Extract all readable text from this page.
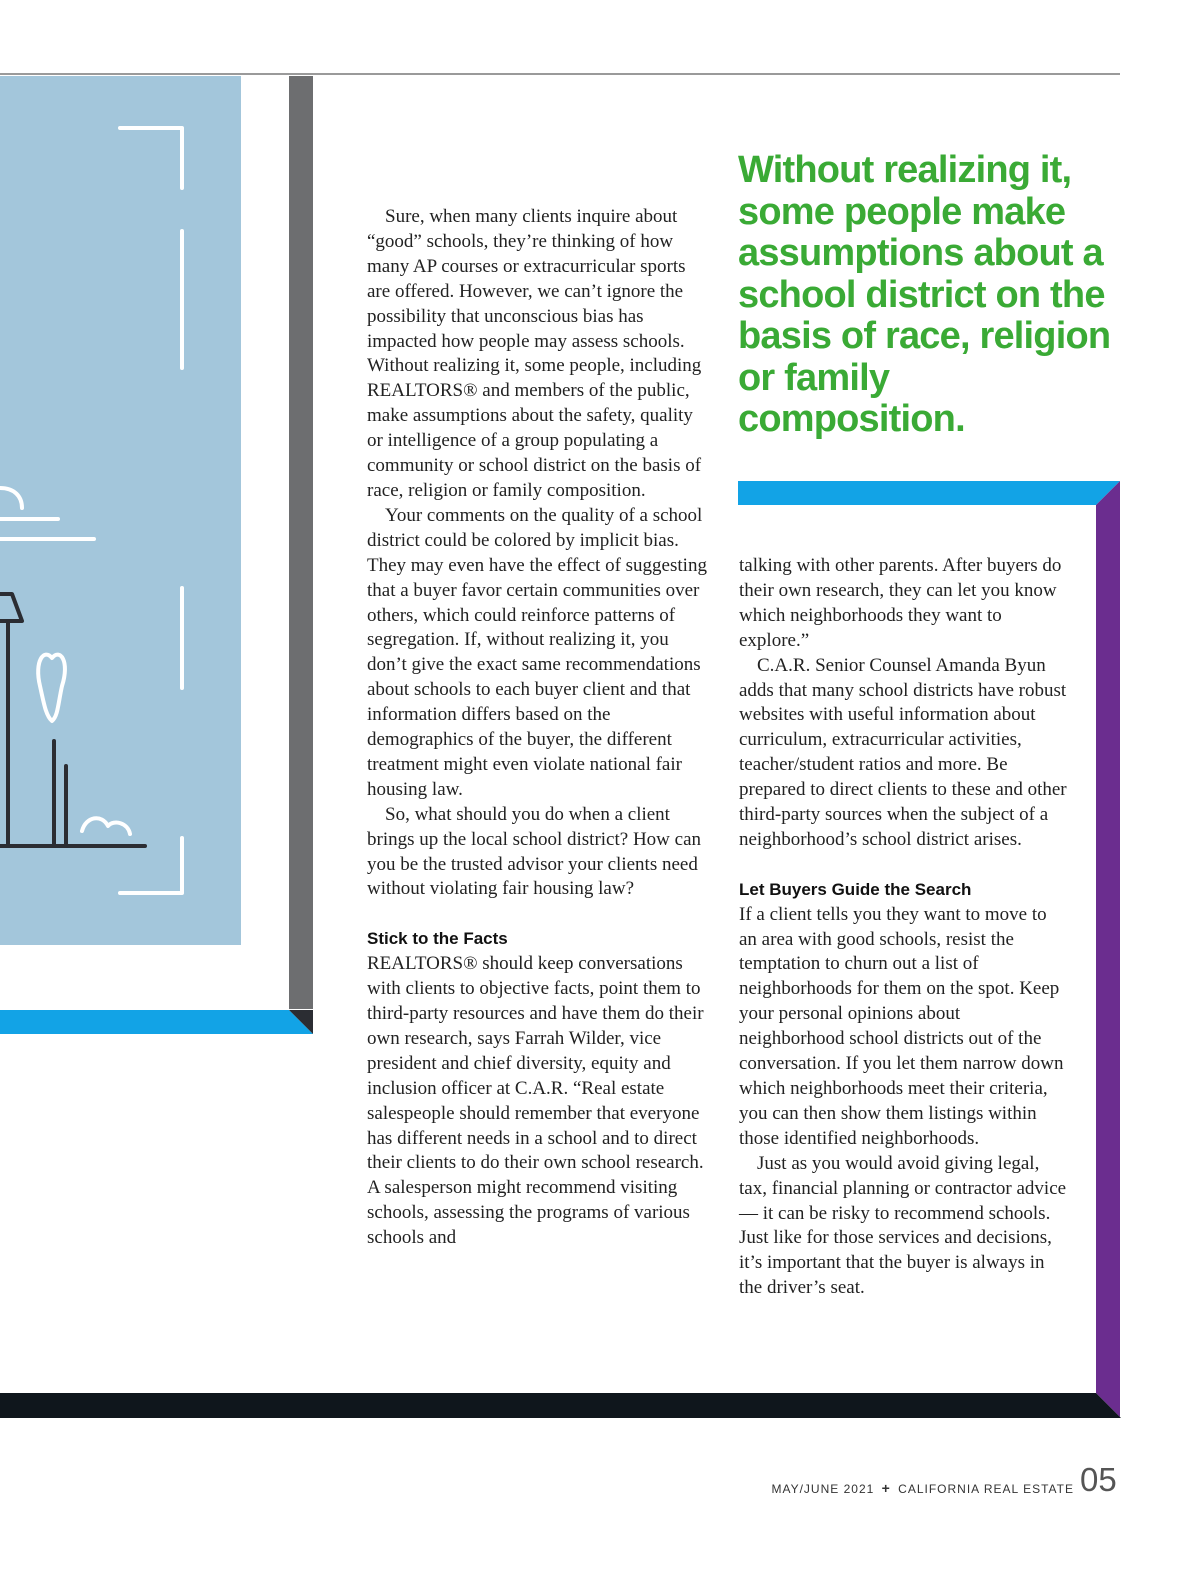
Sure, when many clients inquire about “good” schools, they’re thinking of how many AP courses or extracurricular sports are offered. However, we can’t ignore the possibility that unconscious bias has impacted how people may assess schools. Without realizing it, some people, including REALTORS® and members of the public, make assumptions about the safety, quality or intelligence of a group populating a community or school district on the basis of race, religion or family composition.

Your comments on the quality of a school district could be colored by implicit bias. They may even have the effect of suggesting that a buyer favor certain communities over others, which could reinforce patterns of segregation. If, without realizing it, you don’t give the exact same recommendations about schools to each buyer client and that information differs based on the demographics of the buyer, the different treatment might even violate national fair housing law.

So, what should you do when a client brings up the local school district? How can you be the trusted advisor your clients need without violating fair housing law?

Stick to the Facts

REALTORS® should keep conversations with clients to objective facts, point them to third-party resources and have them do their own research, says Farrah Wilder, vice president and chief diversity, equity and inclusion officer at C.A.R. “Real estate salespeople should remember that everyone has different needs in a school and to direct their clients to do their own school research. A salesperson might recommend visiting schools, assessing the programs of various schools and

Without realizing it, some people make assumptions about a school district on the basis of race, religion or family composition.

talking with other parents. After buyers do their own research, they can let you know which neighborhoods they want to explore.”

C.A.R. Senior Counsel Amanda Byun adds that many school districts have robust websites with useful information about curriculum, extracurricular activities, teacher/student ratios and more. Be prepared to direct clients to these and other third-party sources when the subject of a neighborhood’s school district arises.

Let Buyers Guide the Search

If a client tells you they want to move to an area with good schools, resist the temptation to churn out a list of neighborhoods for them on the spot. Keep your personal opinions about neighborhood school districts out of the conversation. If you let them narrow down which neighborhoods meet their criteria, you can then show them listings within those identified neighborhoods.

Just as you would avoid giving legal, tax, financial planning or contractor advice — it can be risky to recommend schools. Just like for those services and decisions, it’s important that the buyer is always in the driver’s seat.

MAY/JUNE 2021 + CALIFORNIA REAL ESTATE 05
